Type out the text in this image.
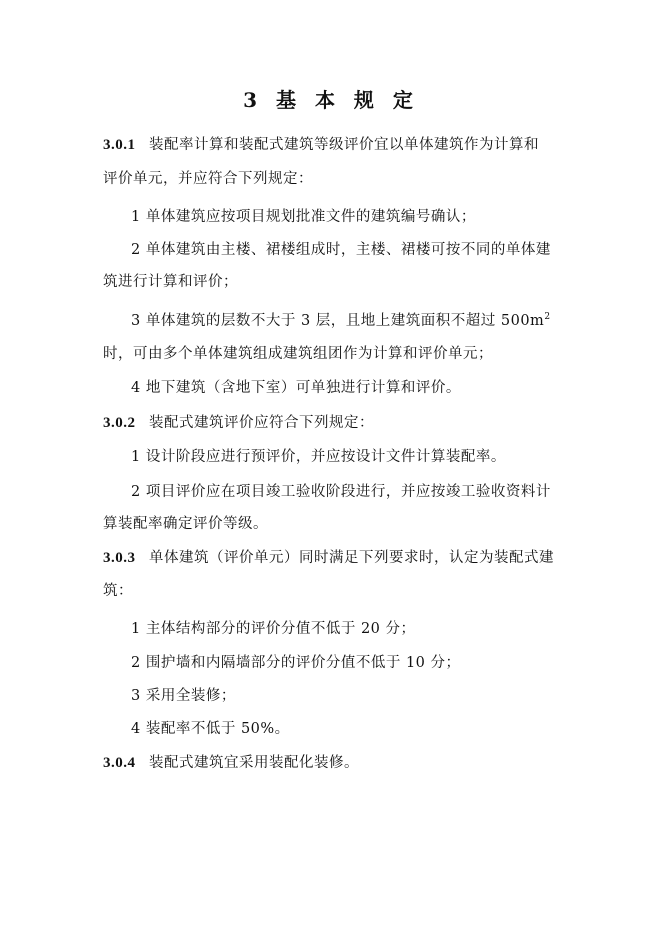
3 基 本 规 定
3.0.1 装配率计算和装配式建筑等级评价宜以单体建筑作为计算和
评价单元，并应符合下列规定：
1 单体建筑应按项目规划批准文件的建筑编号确认；
2 单体建筑由主楼、裙楼组成时，主楼、裙楼可按不同的单体建
筑进行计算和评价；
3 单体建筑的层数不大于 3 层，且地上建筑面积不超过 $500m^2$
时，可由多个单体建筑组成建筑组团作为计算和评价单元；
4 地下建筑（含地下室）可单独进行计算和评价。
3.0.2 装配式建筑评价应符合下列规定：
1 设计阶段应进行预评价，并应按设计文件计算装配率。
2 项目评价应在项目竣工验收阶段进行，并应按竣工验收资料计
算装配率确定评价等级。
3.0.3 单体建筑（评价单元）同时满足下列要求时，认定为装配式建
筑：
1 主体结构部分的评价分值不低于 20 分；
2 围护墙和内隔墙部分的评价分值不低于 10 分；
3 采用全装修；
4 装配率不低于 50%。
3.0.4 装配式建筑宜采用装配化装修。
